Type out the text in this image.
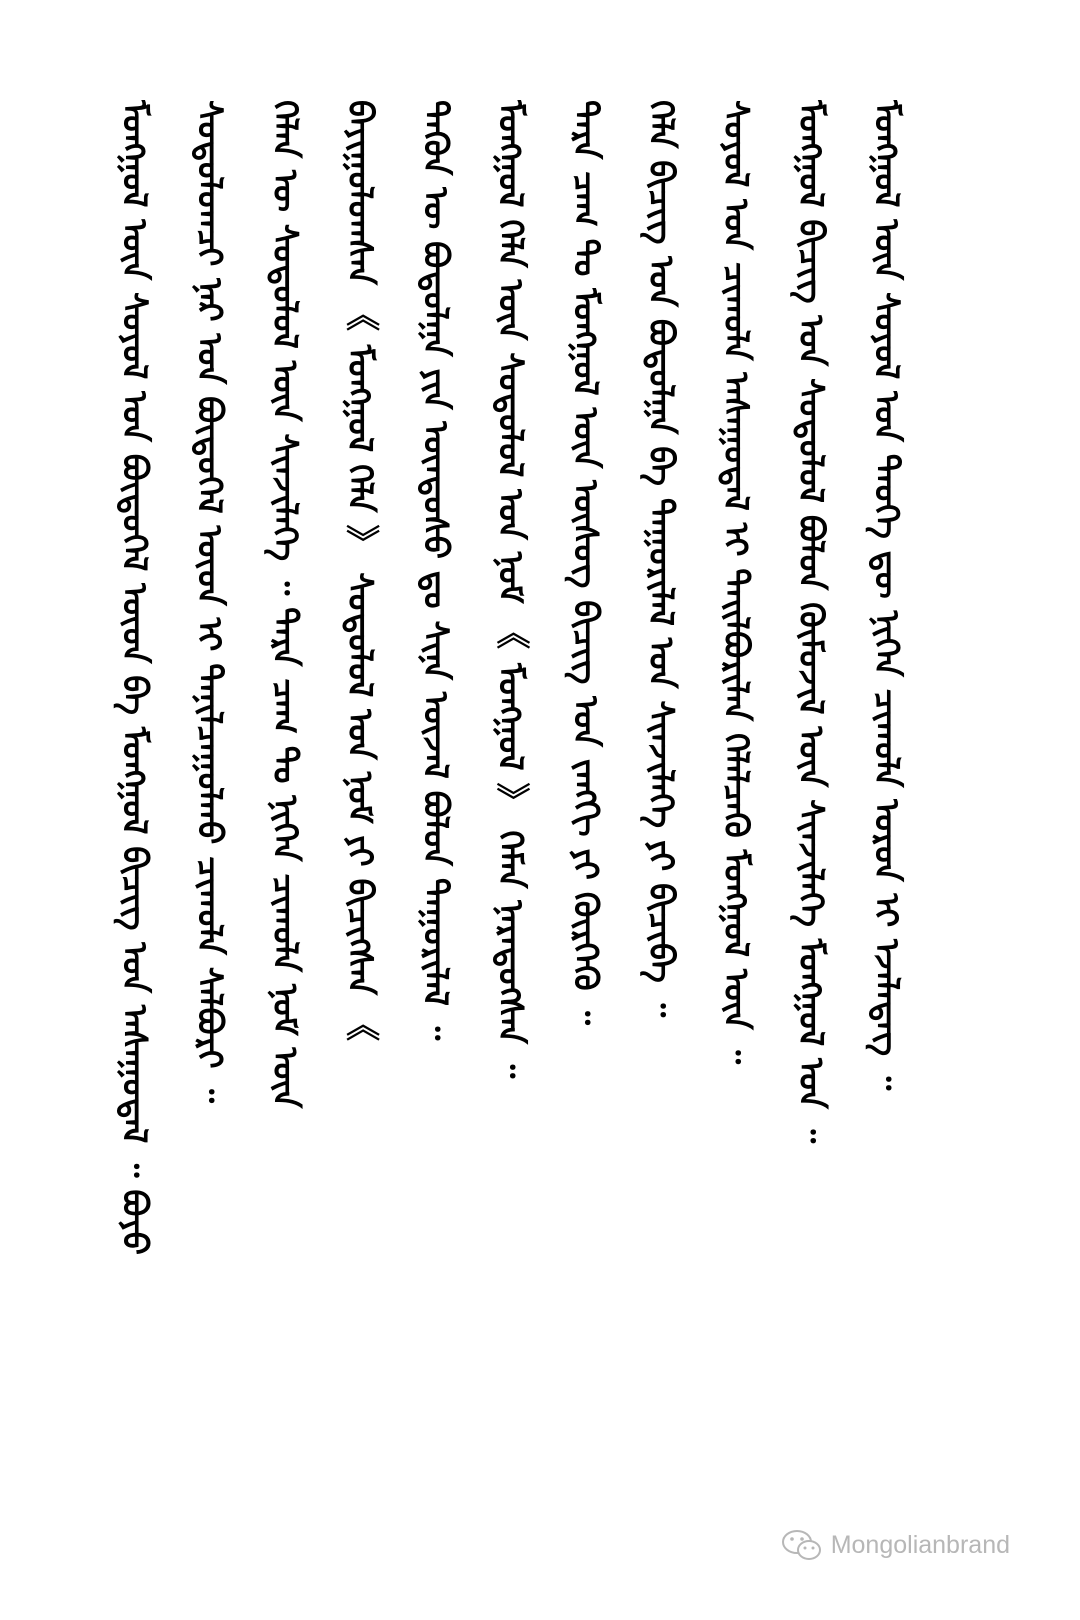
ᠮᠣᠩᠭᠣᠯ ᠦᠨ ᠰᠣᠶᠣᠯ ᠤᠨ ᠲᠡᠦᠬᠡ ᠳᠦ ᠨᠢᠭᠡᠨ ᠴᠢᠬᠤᠯᠠ ᠣᠷᠣᠨ ᠢ ᠡᠵᠡᠯᠡᠳᠡᠭ ᠃
ᠮᠣᠩᠭᠣᠯ ᠪᠢᠴᠢᠭ ᠤᠨ ᠰᠤᠳᠤᠯᠤᠯ ᠪᠣᠯᠤᠨ ᠬᠦᠮᠦᠵᠢᠯ ᠦᠨ ᠰᠢᠨᠵᠢᠯᠡᠭᠡ ᠮᠣᠩᠭᠣᠯ ᠤᠨ ᠃
ᠰᠣᠶᠣᠯ ᠤᠨ ᠴᠢᠬᠤᠯᠠ ᠠᠰᠠᠭᠤᠳᠠᠯ ᠢ ᠲᠠᠢᠯᠪᠤᠷᠢᠯᠠᠨ ᠬᠡᠯᠡᠯᠴᠡᠬᠦ ᠮᠣᠩᠭᠣᠯ ᠦᠨ ᠃
ᠬᠡᠯᠡ ᠪᠢᠴᠢᠭ ᠤᠨ ᠪᠣᠳᠣᠯᠭᠠ ᠪᠠ ᠲᠠᠭᠤᠷᠢᠯᠠᠯ ᠤᠨ ᠰᠢᠨᠵᠢᠯᠡᠭᠡ ᠶᠢ ᠪᠢᠴᠢᠪᠡ ᠃
ᠲᠡᠷᠡ ᠴᠠᠭ ᠲᠤ ᠮᠣᠩᠭᠣᠯ ᠦᠨ ᠦᠰᠦᠭ ᠪᠢᠴᠢᠭ ᠤᠨ ᠵᠠᠩᠭᠢ ᠶᠢ ᠬᠦᠷᠭᠡᠬᠦ ᠃
ᠮᠣᠩᠭᠣᠯ ᠬᠡᠯᠡ ᠦᠨ ᠰᠤᠳᠤᠯᠤᠯ ᠤᠨ ᠨᠣᠮ 《 ᠮᠣᠩᠭᠣᠯ 》 ᠬᠡᠮᠡᠨ ᠨᠡᠷᠡᠳᠦᠭᠰᠡᠨ ᠃
ᠲᠡᠭᠦᠨ ᠦ ᠪᠣᠳᠣᠯᠭᠠ ᠶᠢᠨ ᠦᠨᠳᠦᠰᠦ ᠳᠤ ᠰᠢᠨᠡ ᠦᠵᠡᠯ ᠪᠣᠯᠤᠨ ᠲᠠᠭᠤᠷᠢᠯᠠᠯ ᠃
ᠪᠠᠶᠢᠭᠤᠯᠤᠭᠰᠠᠨ 《 ᠮᠣᠩᠭᠣᠯ ᠬᠡᠯᠡ 》 ᠰᠤᠳᠤᠯᠤᠯ ᠤᠨ ᠨᠣᠮ ᠶᠢ ᠪᠢᠴᠢᠭᠰᠡᠨ 《
ᠬᠡᠯᠡᠨ ᠦ ᠰᠤᠳᠤᠯᠤᠯ ᠦᠨ ᠰᠢᠨᠵᠢᠯᠡᠭᠡ ᠃ ᠲᠡᠷᠡ ᠴᠠᠭ ᠲᠤ ᠨᠢᠭᠡᠨ ᠴᠢᠬᠤᠯᠠ ᠨᠣᠮ ᠦᠨ
ᠰᠤᠳᠤᠯᠤᠭᠴᠢ ᠨᠠᠷ ᠤᠨ ᠪᠦᠲᠦᠭᠡᠯ ᠦᠳ ᠢ ᠲᠠᠨᠢᠯᠴᠠᠭᠤᠯᠬᠤ ᠴᠢᠬᠤᠯᠠ ᠰᠠᠯᠪᠤᠷᠢ ᠃
ᠮᠣᠩᠭᠣᠯ ᠦᠨ ᠰᠣᠶᠣᠯ ᠤᠨ ᠪᠦᠲᠦᠭᠡᠯ ᠦᠳ ᠪᠠ ᠮᠣᠩᠭᠣᠯ ᠪᠢᠴᠢᠭ ᠤᠨ ᠠᠰᠠᠭᠤᠳᠠᠯ ᠃ ᠪᠤᠶᠤ
Mongolianbrand
